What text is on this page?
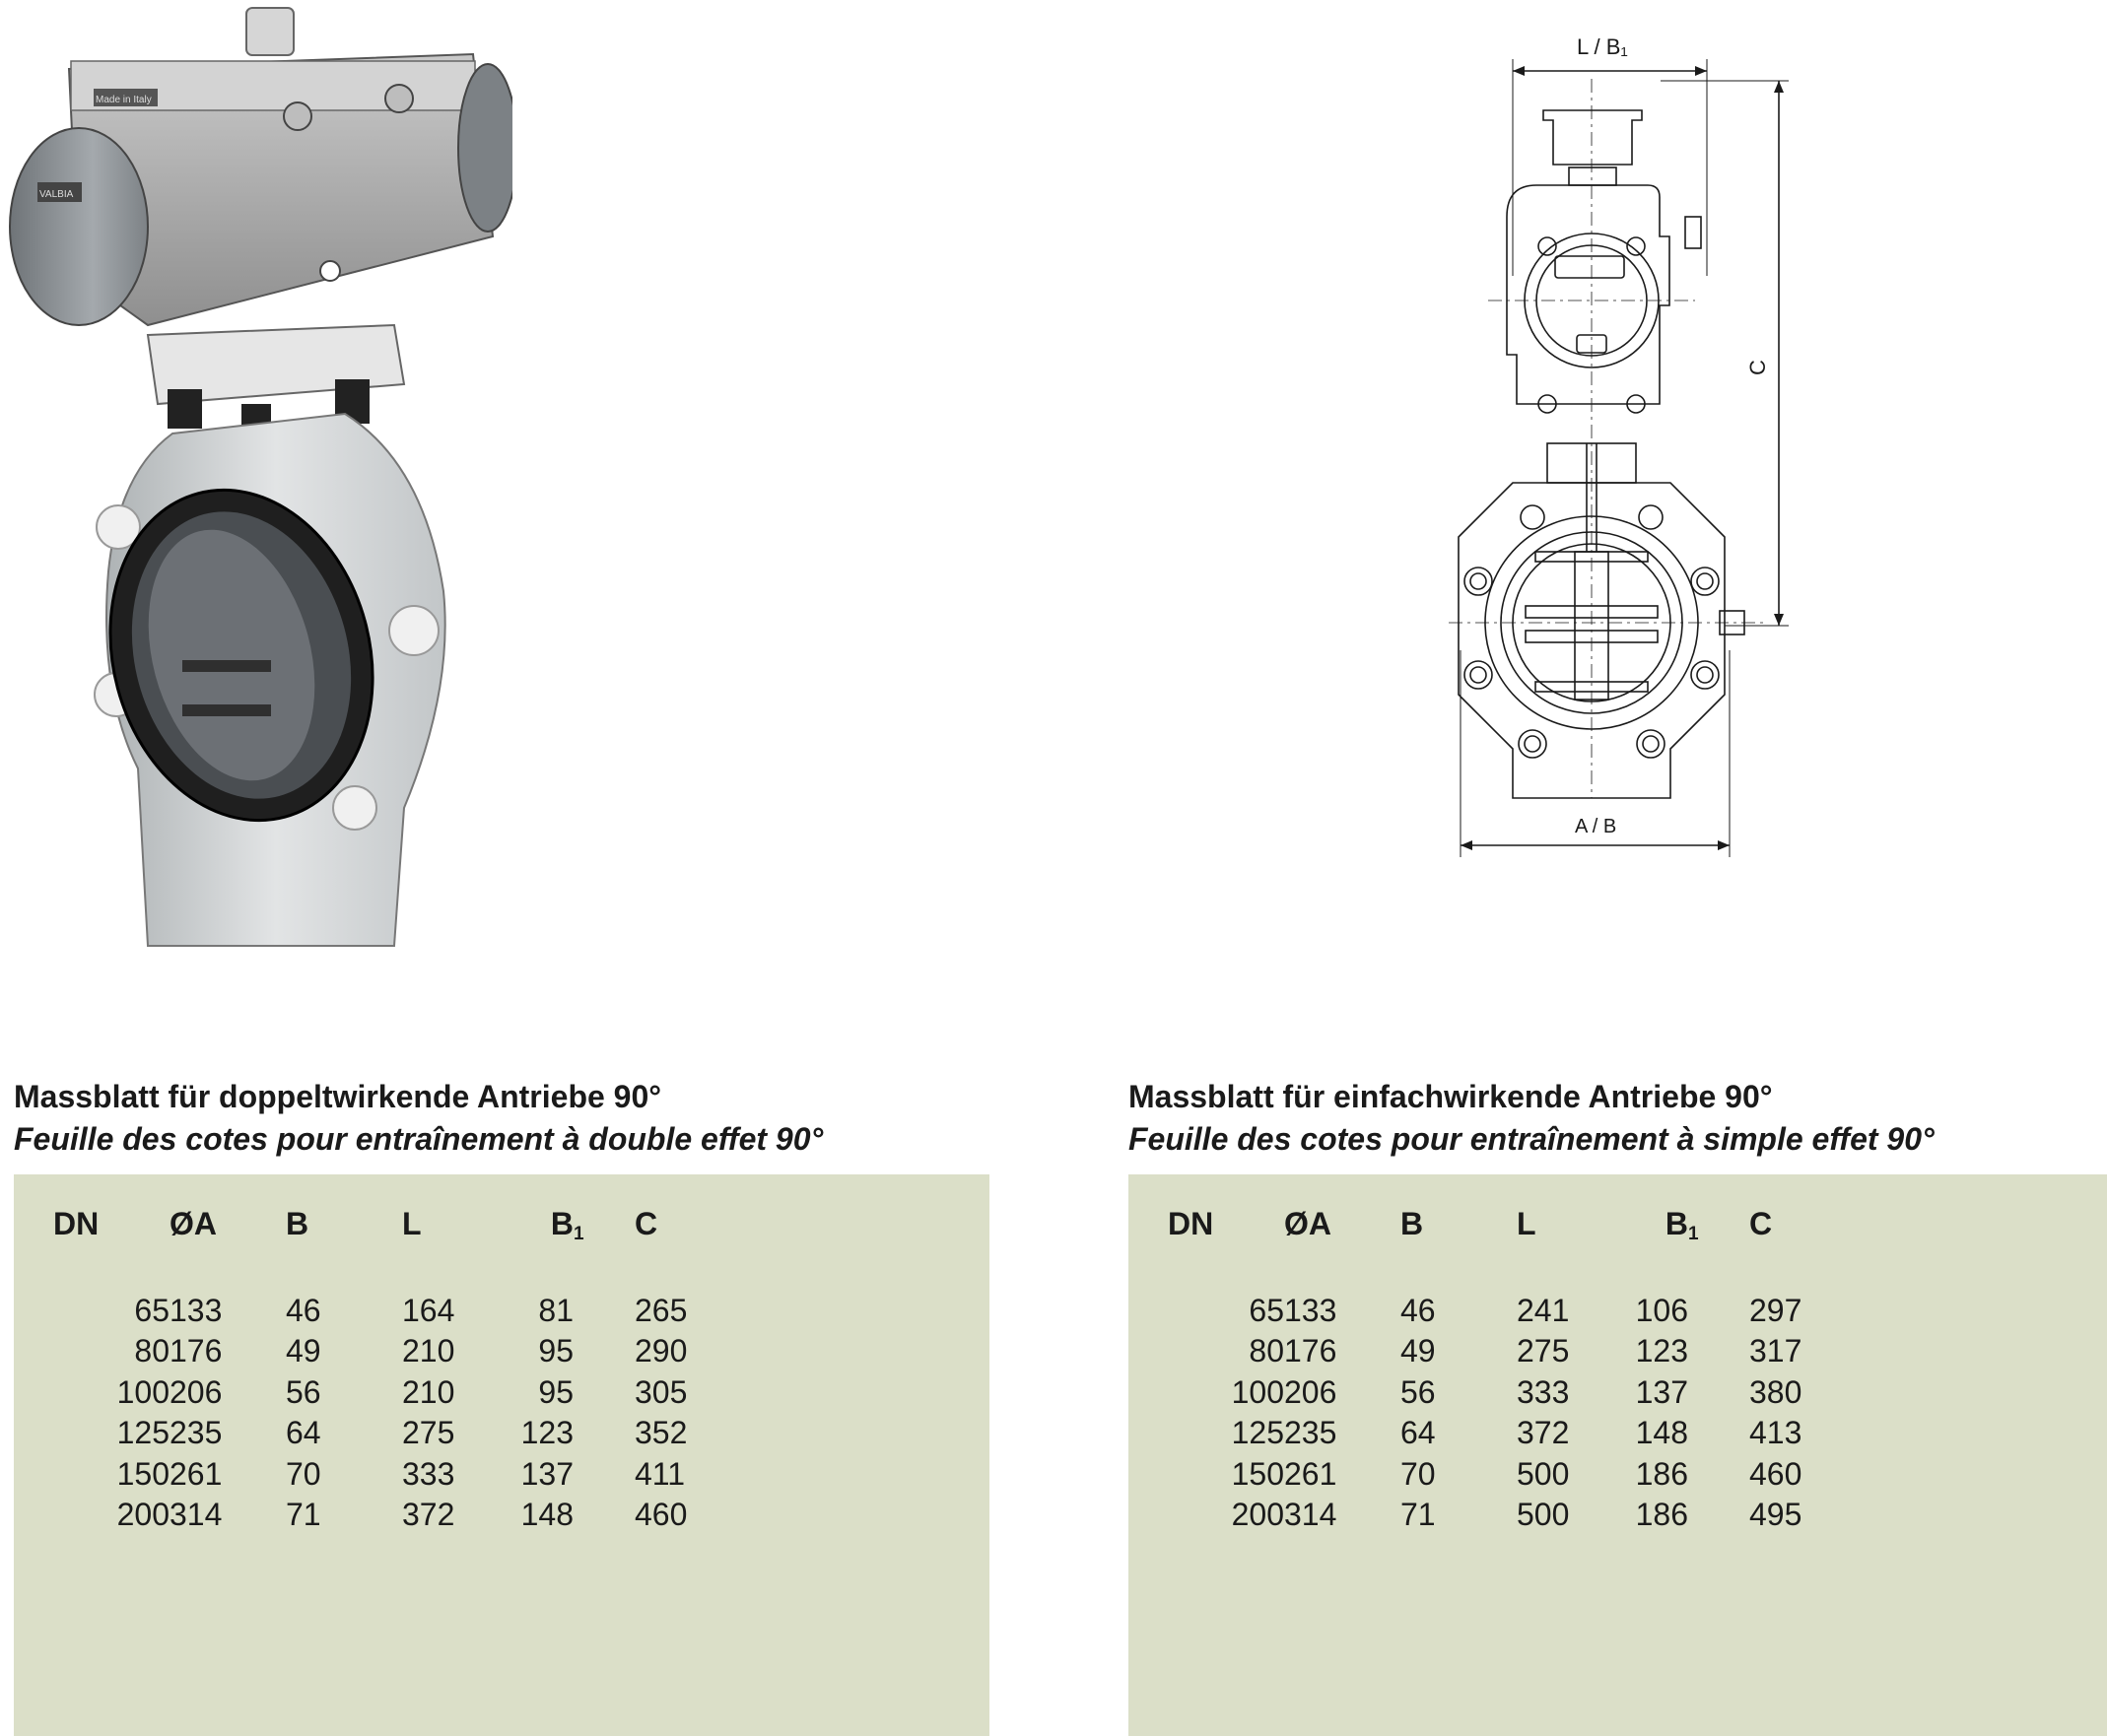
Made in Italy
VALBIA
L / B₁
C
A / B
Massblatt für doppeltwirkende Antriebe 90°
Feuille des cotes pour entraînement à double effet 90°
DN	ØA	B	L	$B_1$	C

65	133	46	164	81	265
80	176	49	210	95	290
100	206	56	210	95	305
125	235	64	275	123	352
150	261	70	333	137	411
200	314	71	372	148	460
Massblatt für einfachwirkende Antriebe 90°
Feuille des cotes pour entraînement à simple effet 90°
DN	ØA	B	L	$B_1$	C

65	133	46	241	106	297
80	176	49	275	123	317
100	206	56	333	137	380
125	235	64	372	148	413
150	261	70	500	186	460
200	314	71	500	186	495
